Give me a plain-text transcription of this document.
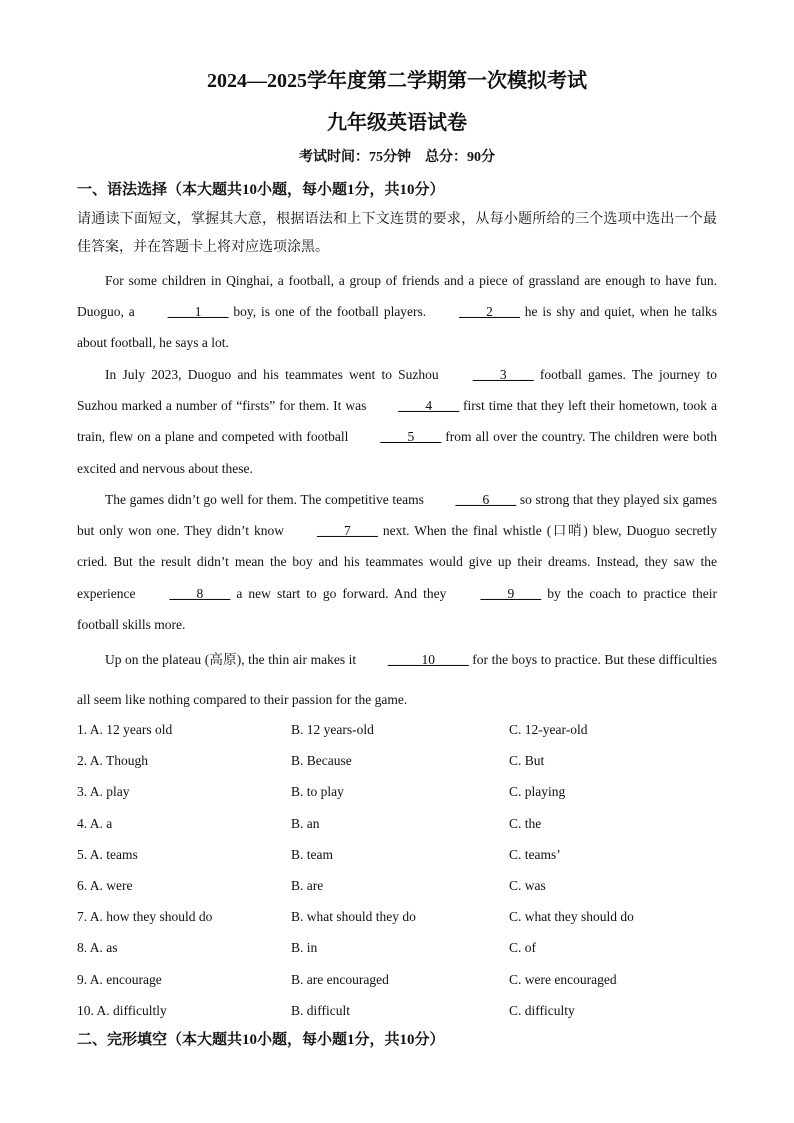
2024—2025学年度第二学期第一次模拟考试
九年级英语试卷
考试时间：75分钟　总分：90分
一、语法选择（本大题共10小题，每小题1分，共10分）
请通读下面短文，掌握其大意，根据语法和上下文连贯的要求，从每小题所给的三个选项中选出一个最佳答案，并在答题卡上将对应选项涂黑。
For some children in Qinghai, a football, a group of friends and a piece of grassland are enough to have fun. Duoguo, a ____1____ boy, is one of the football players. ____2____ he is shy and quiet, when he talks about football, he says a lot.
In July 2023, Duoguo and his teammates went to Suzhou ____3____ football games. The journey to Suzhou marked a number of “firsts” for them. It was ____4____ first time that they left their hometown, took a train, flew on a plane and competed with football ____5____ from all over the country. The children were both excited and nervous about these.
The games didn’t go well for them. The competitive teams ____6____ so strong that they played six games but only won one. They didn’t know ____7____ next. When the final whistle (口哨) blew, Duoguo secretly cried. But the result didn’t mean the boy and his teammates would give up their dreams. Instead, they saw the experience ____8____ a new start to go forward. And they ____9____ by the coach to practice their football skills more.
Up on the plateau (高原), the thin air makes it _____10_____ for the boys to practice. But these difficulties all seem like nothing compared to their passion for the game.
1. A. 12 years old	B. 12 years-old	C. 12-year-old
2. A. Though	B. Because	C. But
3. A. play	B. to play	C. playing
4. A. a	B. an	C. the
5. A. teams	B. team	C. teams’
6. A. were	B. are	C. was
7. A. how they should do	B. what should they do	C. what they should do
8. A. as	B. in	C. of
9. A. encourage	B. are encouraged	C. were encouraged
10. A. difficultly	B. difficult	C. difficulty
二、完形填空（本大题共10小题，每小题1分，共10分）
